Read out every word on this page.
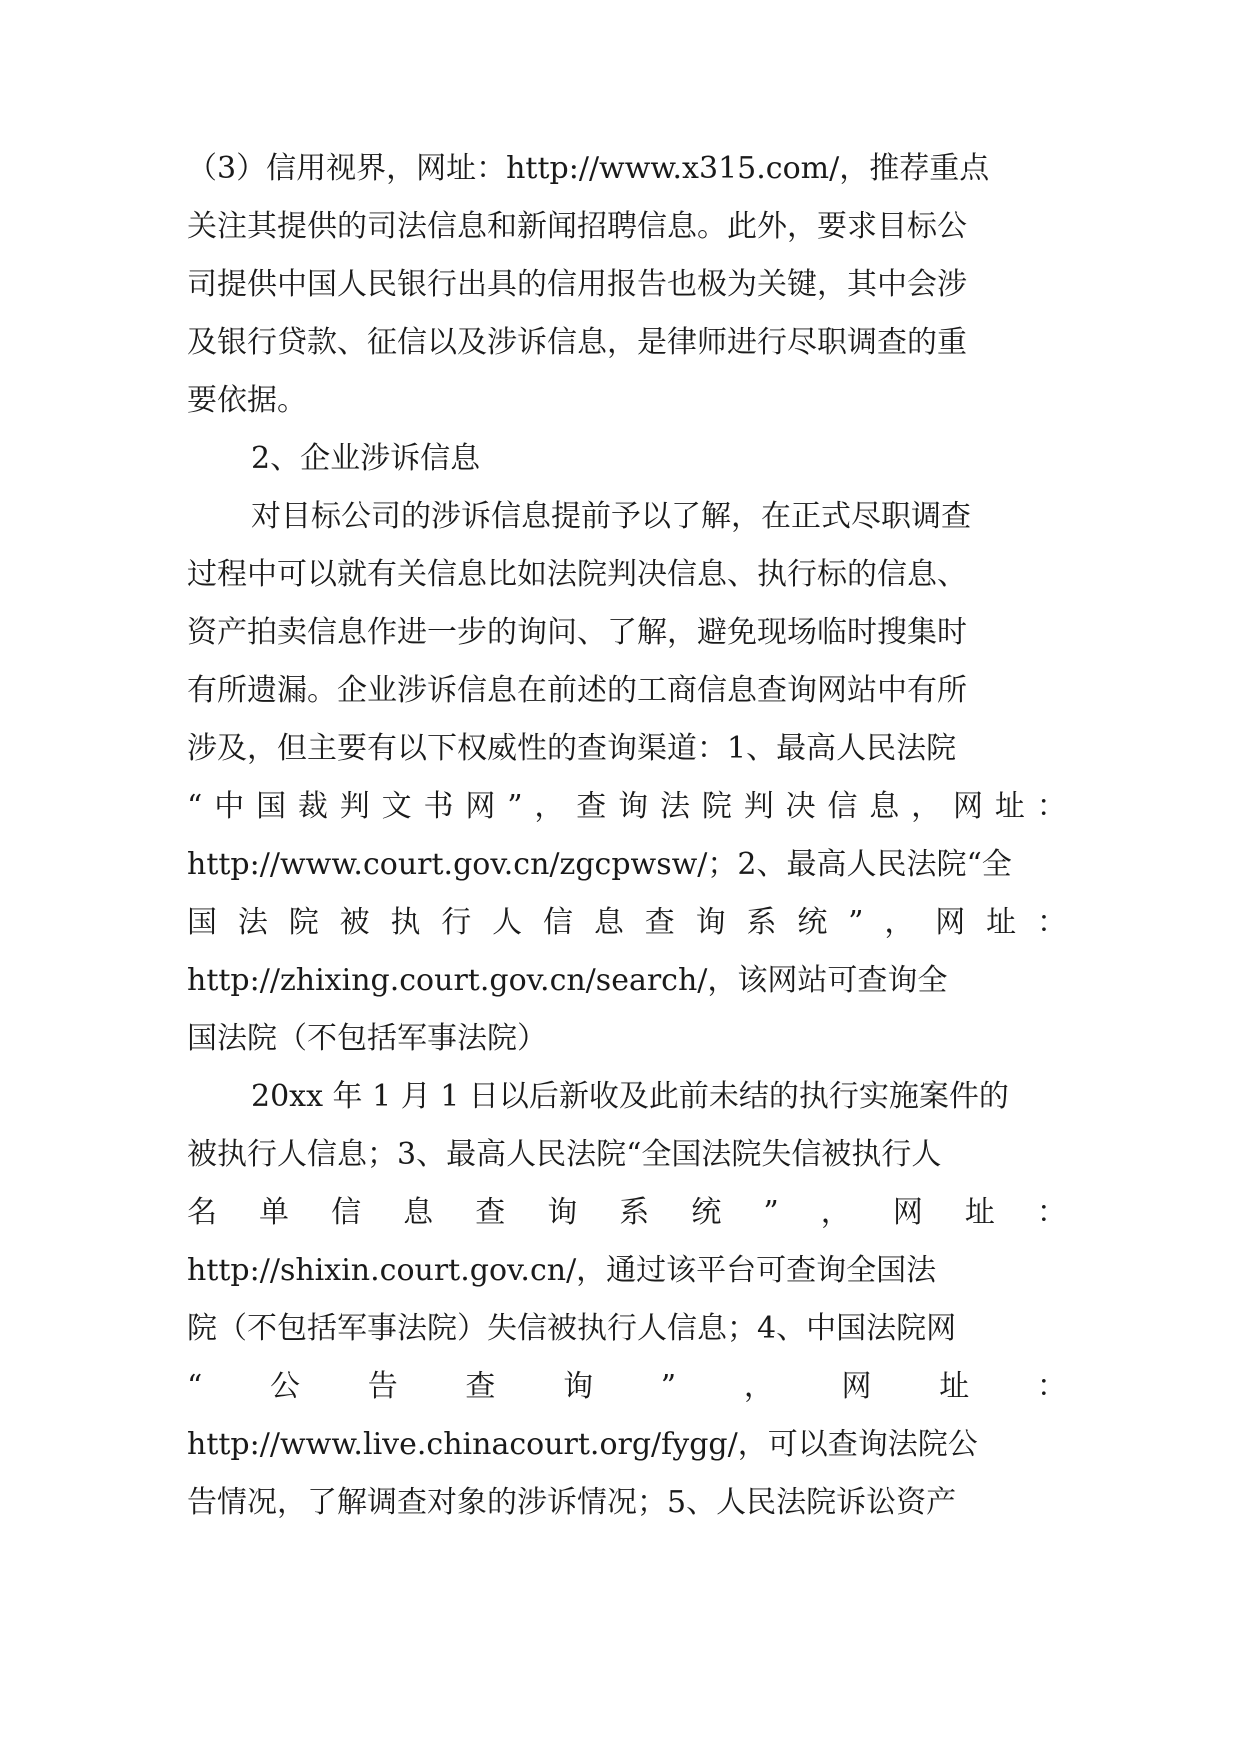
（3）信用视界，网址：http://www.x315.com/，推荐重点
关注其提供的司法信息和新闻招聘信息。此外，要求目标公
司提供中国人民银行出具的信用报告也极为关键，其中会涉
及银行贷款、征信以及涉诉信息，是律师进行尽职调查的重
要依据。
2、企业涉诉信息
对目标公司的涉诉信息提前予以了解，在正式尽职调查
过程中可以就有关信息比如法院判决信息、执行标的信息、
资产拍卖信息作进一步的询问、了解，避免现场临时搜集时
有所遗漏。企业涉诉信息在前述的工商信息查询网站中有所
涉及，但主要有以下权威性的查询渠道：1、最高人民法院
“ 中 国 裁 判 文 书 网 ” ， 查 询 法 院 判 决 信 息 ， 网 址 ：
http://www.court.gov.cn/zgcpwsw/；2、最高人民法院“全
国 法 院 被 执 行 人 信 息 查 询 系 统 ” ， 网 址 ：
http://zhixing.court.gov.cn/search/，该网站可查询全
国法院（不包括军事法院）
20xx 年 1 月 1 日以后新收及此前未结的执行实施案件的
被执行人信息；3、最高人民法院“全国法院失信被执行人
名 单 信 息 查 询 系 统 ” ， 网 址 ：
http://shixin.court.gov.cn/，通过该平台可查询全国法
院（不包括军事法院）失信被执行人信息；4、中国法院网
“ 公 告 查 询 ” ， 网 址 ：
http://www.live.chinacourt.org/fygg/，可以查询法院公
告情况，了解调查对象的涉诉情况；5、人民法院诉讼资产
